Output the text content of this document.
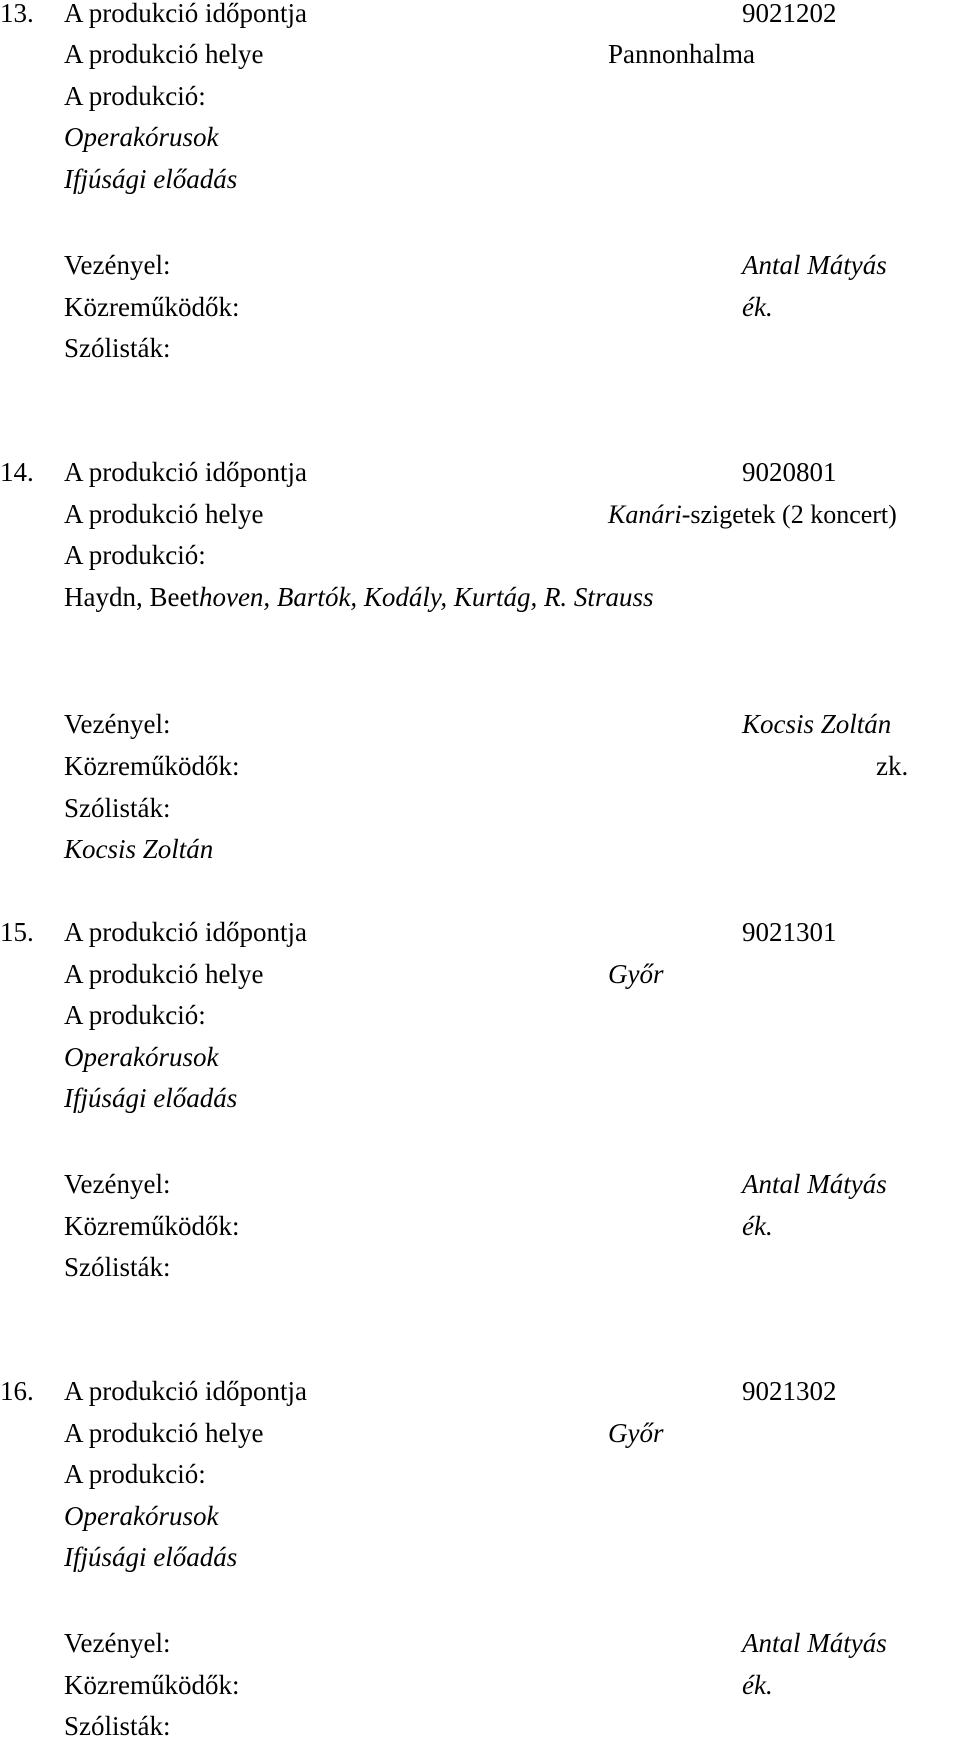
13. A produkció időpontja	9021202
A produkció helye	Pannonhalma
A produkció:
Operakórusok
Ifjúsági előadás
Vezényel:	Antal Mátyás
Közreműködők:	ék.
Szólisták:
14. A produkció időpontja	9020801
A produkció helye	Kanári-szigetek (2 koncert)
A produkció:
Haydn, Beethoven, Bartók, Kodály, Kurtág, R. Strauss
Vezényel:	Kocsis Zoltán
Közreműködők:	zk.
Szólisták:
Kocsis Zoltán
15. A produkció időpontja	9021301
A produkció helye	Győr
A produkció:
Operakórusok
Ifjúsági előadás
Vezényel:	Antal Mátyás
Közreműködők:	ék.
Szólisták:
16. A produkció időpontja	9021302
A produkció helye	Győr
A produkció:
Operakórusok
Ifjúsági előadás
Vezényel:	Antal Mátyás
Közreműködők:	ék.
Szólisták:
